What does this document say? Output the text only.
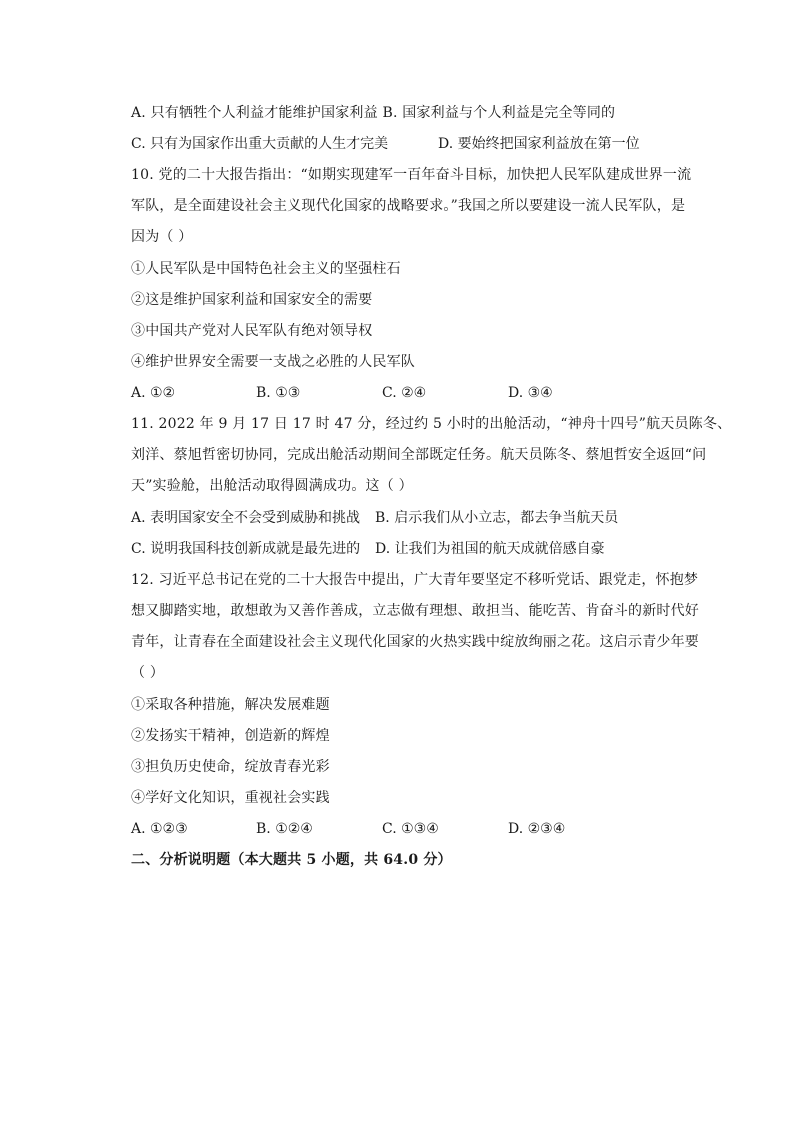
A. 只有牺牲个人利益才能维护国家利益 B. 国家利益与个人利益是完全等同的
C. 只有为国家作出重大贡献的人生才完美	D. 要始终把国家利益放在第一位
10. 党的二十大报告指出：“如期实现建军一百年奋斗目标，加快把人民军队建成世界一流
军队，是全面建设社会主义现代化国家的战略要求。”我国之所以要建设一流人民军队，是
因为（ ）
①人民军队是中国特色社会主义的坚强柱石
②这是维护国家利益和国家安全的需要
③中国共产党对人民军队有绝对领导权
④维护世界安全需要一支战之必胜的人民军队
A. ①②	B. ①③	C. ②④	D. ③④
11. 2022 年 9 月 17 日 17 时 47 分，经过约 5 小时的出舱活动，“神舟十四号”航天员陈冬、
刘洋、蔡旭哲密切协同，完成出舱活动期间全部既定任务。航天员陈冬、蔡旭哲安全返回“问
天”实验舱，出舱活动取得圆满成功。这（ ）
A. 表明国家安全不会受到威胁和挑战 B. 启示我们从小立志，都去争当航天员
C. 说明我国科技创新成就是最先进的 D. 让我们为祖国的航天成就倍感自豪
12. 习近平总书记在党的二十大报告中提出，广大青年要坚定不移听党话、跟党走，怀抱梦
想又脚踏实地，敢想敢为又善作善成，立志做有理想、敢担当、能吃苦、肯奋斗的新时代好
青年，让青春在全面建设社会主义现代化国家的火热实践中绽放绚丽之花。这启示青少年要
（ ）
①采取各种措施，解决发展难题
②发扬实干精神，创造新的辉煌
③担负历史使命，绽放青春光彩
④学好文化知识，重视社会实践
A. ①②③	B. ①②④	C. ①③④	D. ②③④
二、分析说明题（本大题共 5 小题，共 64.0 分）
